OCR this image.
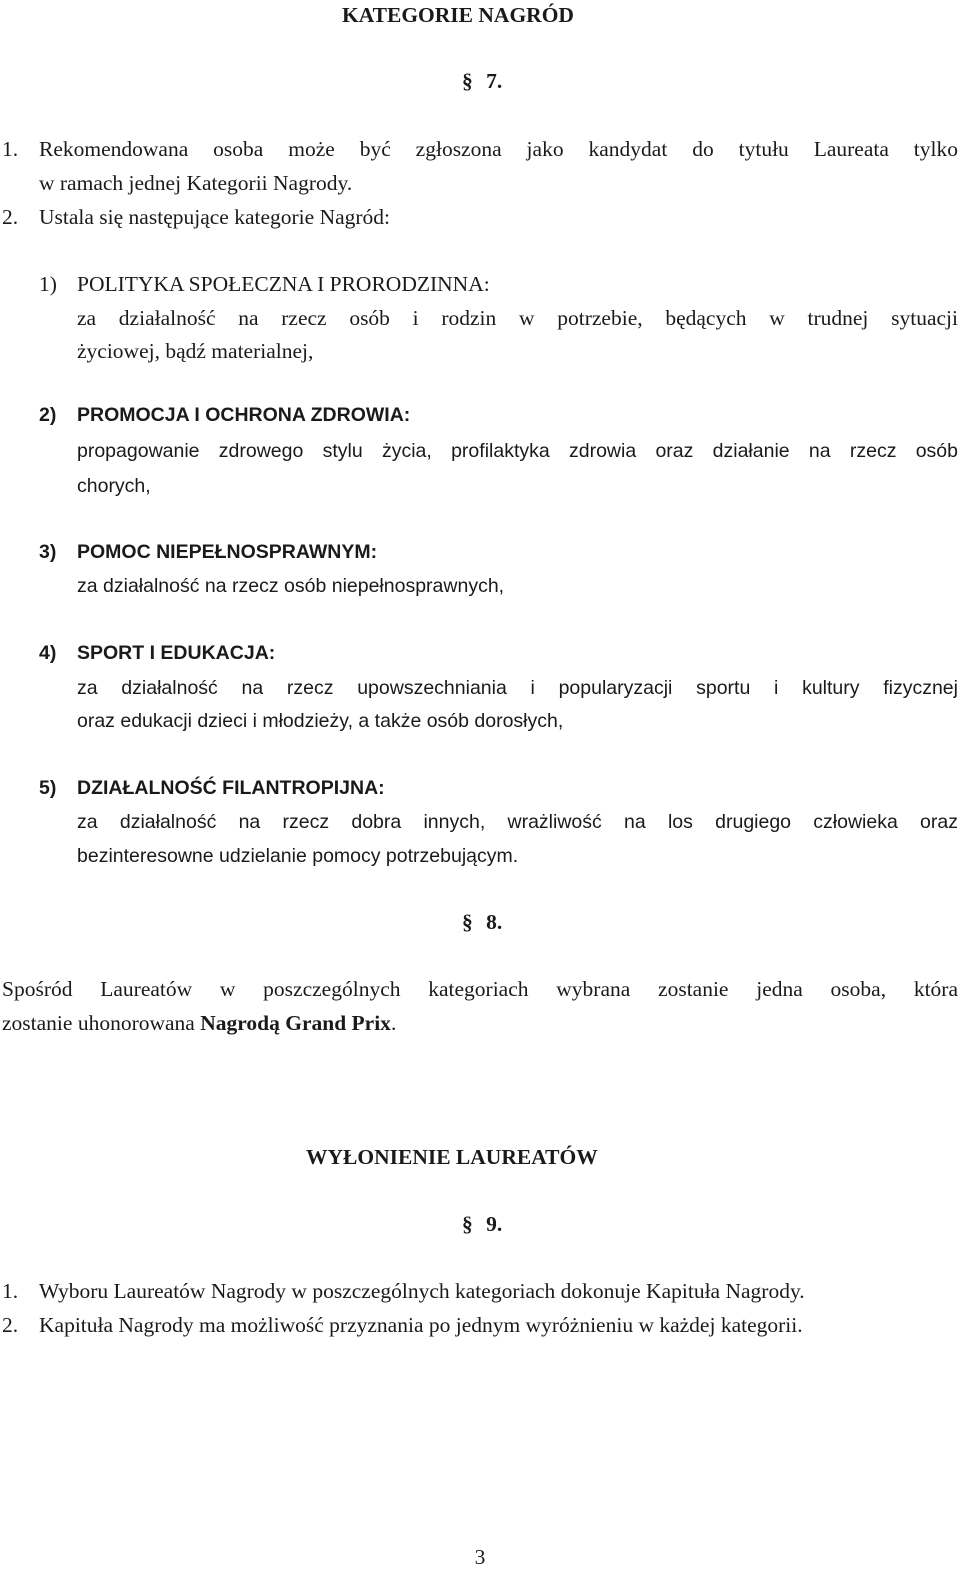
KATEGORIE NAGRÓD
§ 7.
1. Rekomendowana osoba może być zgłoszona jako kandydat do tytułu Laureata tylko
w ramach jednej Kategorii Nagrody.
2. Ustala się następujące kategorie Nagród:
1) POLITYKA SPOŁECZNA I PRORODZINNA:
za działalność na rzecz osób i rodzin w potrzebie, będących w trudnej sytuacji
życiowej, bądź materialnej,
2) PROMOCJA I OCHRONA ZDROWIA:
propagowanie zdrowego stylu życia, profilaktyka zdrowia oraz działanie na rzecz osób
chorych,
3) POMOC NIEPEŁNOSPRAWNYM:
za działalność na rzecz osób niepełnosprawnych,
4) SPORT I EDUKACJA:
za działalność na rzecz upowszechniania i popularyzacji sportu i kultury fizycznej
oraz edukacji dzieci i młodzieży, a także osób dorosłych,
5) DZIAŁALNOŚĆ FILANTROPIJNA:
za działalność na rzecz dobra innych, wrażliwość na los drugiego człowieka oraz
bezinteresowne udzielanie pomocy potrzebującym.
§ 8.
Spośród Laureatów w poszczególnych kategoriach wybrana zostanie jedna osoba, która
zostanie uhonorowana Nagrodą Grand Prix.
WYŁONIENIE LAUREATÓW
§ 9.
1. Wyboru Laureatów Nagrody w poszczególnych kategoriach dokonuje Kapituła Nagrody.
2. Kapituła Nagrody ma możliwość przyznania po jednym wyróżnieniu w każdej kategorii.
3
